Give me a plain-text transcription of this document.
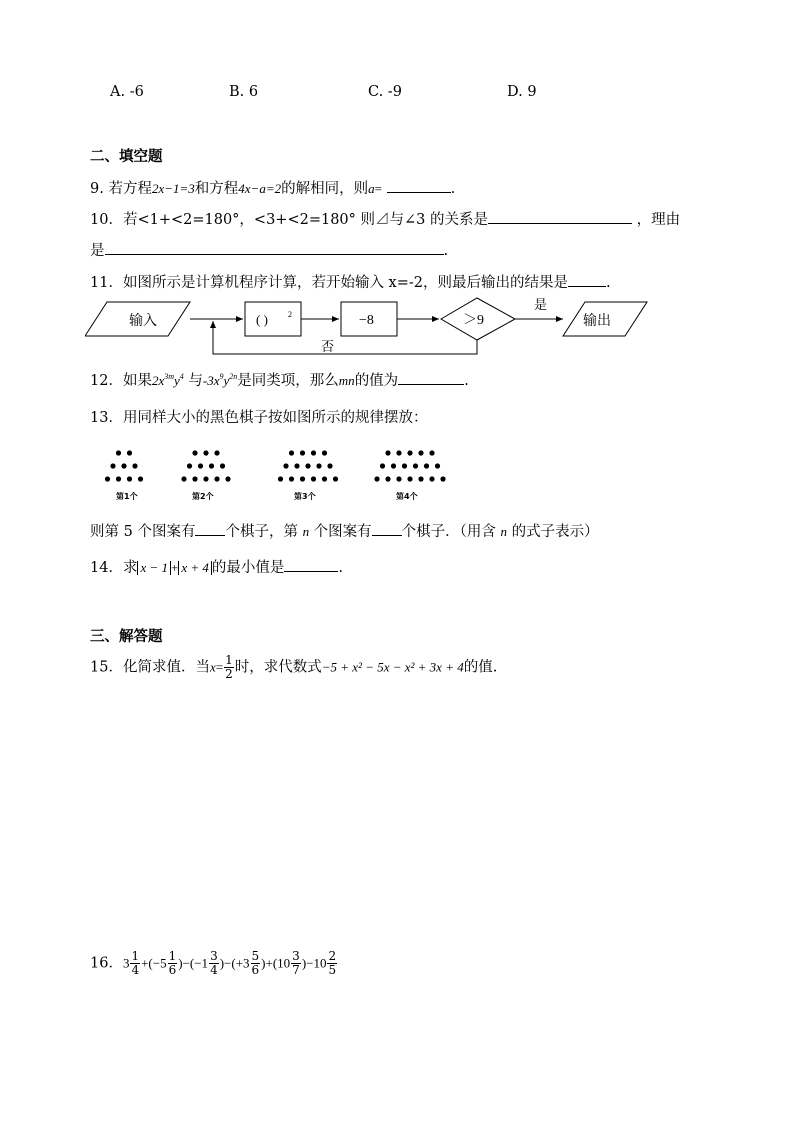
A. -6	B. 6	C. -9	D. 9
二、填空题
9. 若方程2x−1=3和方程4x−a=2的解相同，则a=	.
10．若<1+<2=180°，<3+<2=180° 则⊿与∠3 的关系是	，理由
是	.
11．如图所示是计算机程序计算，若开始输入 x=-2，则最后输出的结果是	.
输入	( )	2	−8	＞9
是
输出
否
12．如果$2x^{3m}y^4$ 与$-3x^9y^{2n}$是同类项，那么mn的值为	.
13．用同样大小的黑色棋子按如图所示的规律摆放：
第1个	第2个	第3个	第4个
则第 5 个图案有 个棋子，第 n 个图案有 个棋子．（用含 n 的式子表示）
14．求 x − 1 + x + 4 的最小值是	.
三、解答题
15．化简求值．当$x= \frac{1}{2}$ 时，求代数式−5 + x² − 5x − x² + 3x + 4的值.
16．$3 \frac{1}{4} +(-5 \frac{1}{6} )-(-1 \frac{3}{4} )-(+3 \frac{5}{6} )+(10 \frac{3}{7} )-10 \frac{2}{5}$
